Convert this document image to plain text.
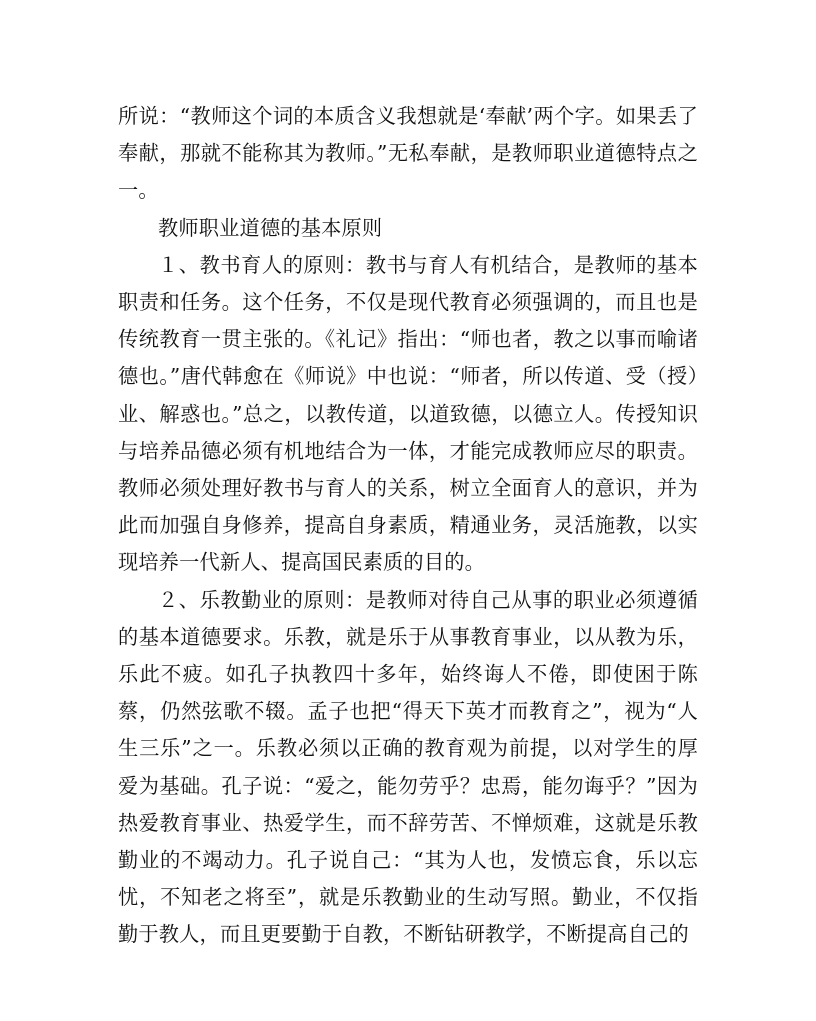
所说：“教师这个词的本质含义我想就是‘奉献’两个字。如果丢了奉献，那就不能称其为教师。”无私奉献，是教师职业道德特点之一。

教师职业道德的基本原则

１、教书育人的原则：教书与育人有机结合，是教师的基本职责和任务。这个任务，不仅是现代教育必须强调的，而且也是传统教育一贯主张的。《礼记》指出：“师也者，教之以事而喻诸德也。”唐代韩愈在《师说》中也说：“师者，所以传道、受（授）业、解惑也。”总之，以教传道，以道致德，以德立人。传授知识与培养品德必须有机地结合为一体，才能完成教师应尽的职责。教师必须处理好教书与育人的关系，树立全面育人的意识，并为此而加强自身修养，提高自身素质，精通业务，灵活施教，以实现培养一代新人、提高国民素质的目的。

２、乐教勤业的原则：是教师对待自己从事的职业必须遵循的基本道德要求。乐教，就是乐于从事教育事业，以从教为乐，乐此不疲。如孔子执教四十多年，始终诲人不倦，即使困于陈蔡，仍然弦歌不辍。孟子也把“得天下英才而教育之”，视为“人生三乐”之一。乐教必须以正确的教育观为前提，以对学生的厚爱为基础。孔子说：“爱之，能勿劳乎？忠焉，能勿诲乎？”因为热爱教育事业、热爱学生，而不辞劳苦、不惮烦难，这就是乐教勤业的不竭动力。孔子说自己：“其为人也，发愤忘食，乐以忘忧，不知老之将至”，就是乐教勤业的生动写照。勤业，不仅指勤于教人，而且更要勤于自教，不断钻研教学，不断提高自己的
